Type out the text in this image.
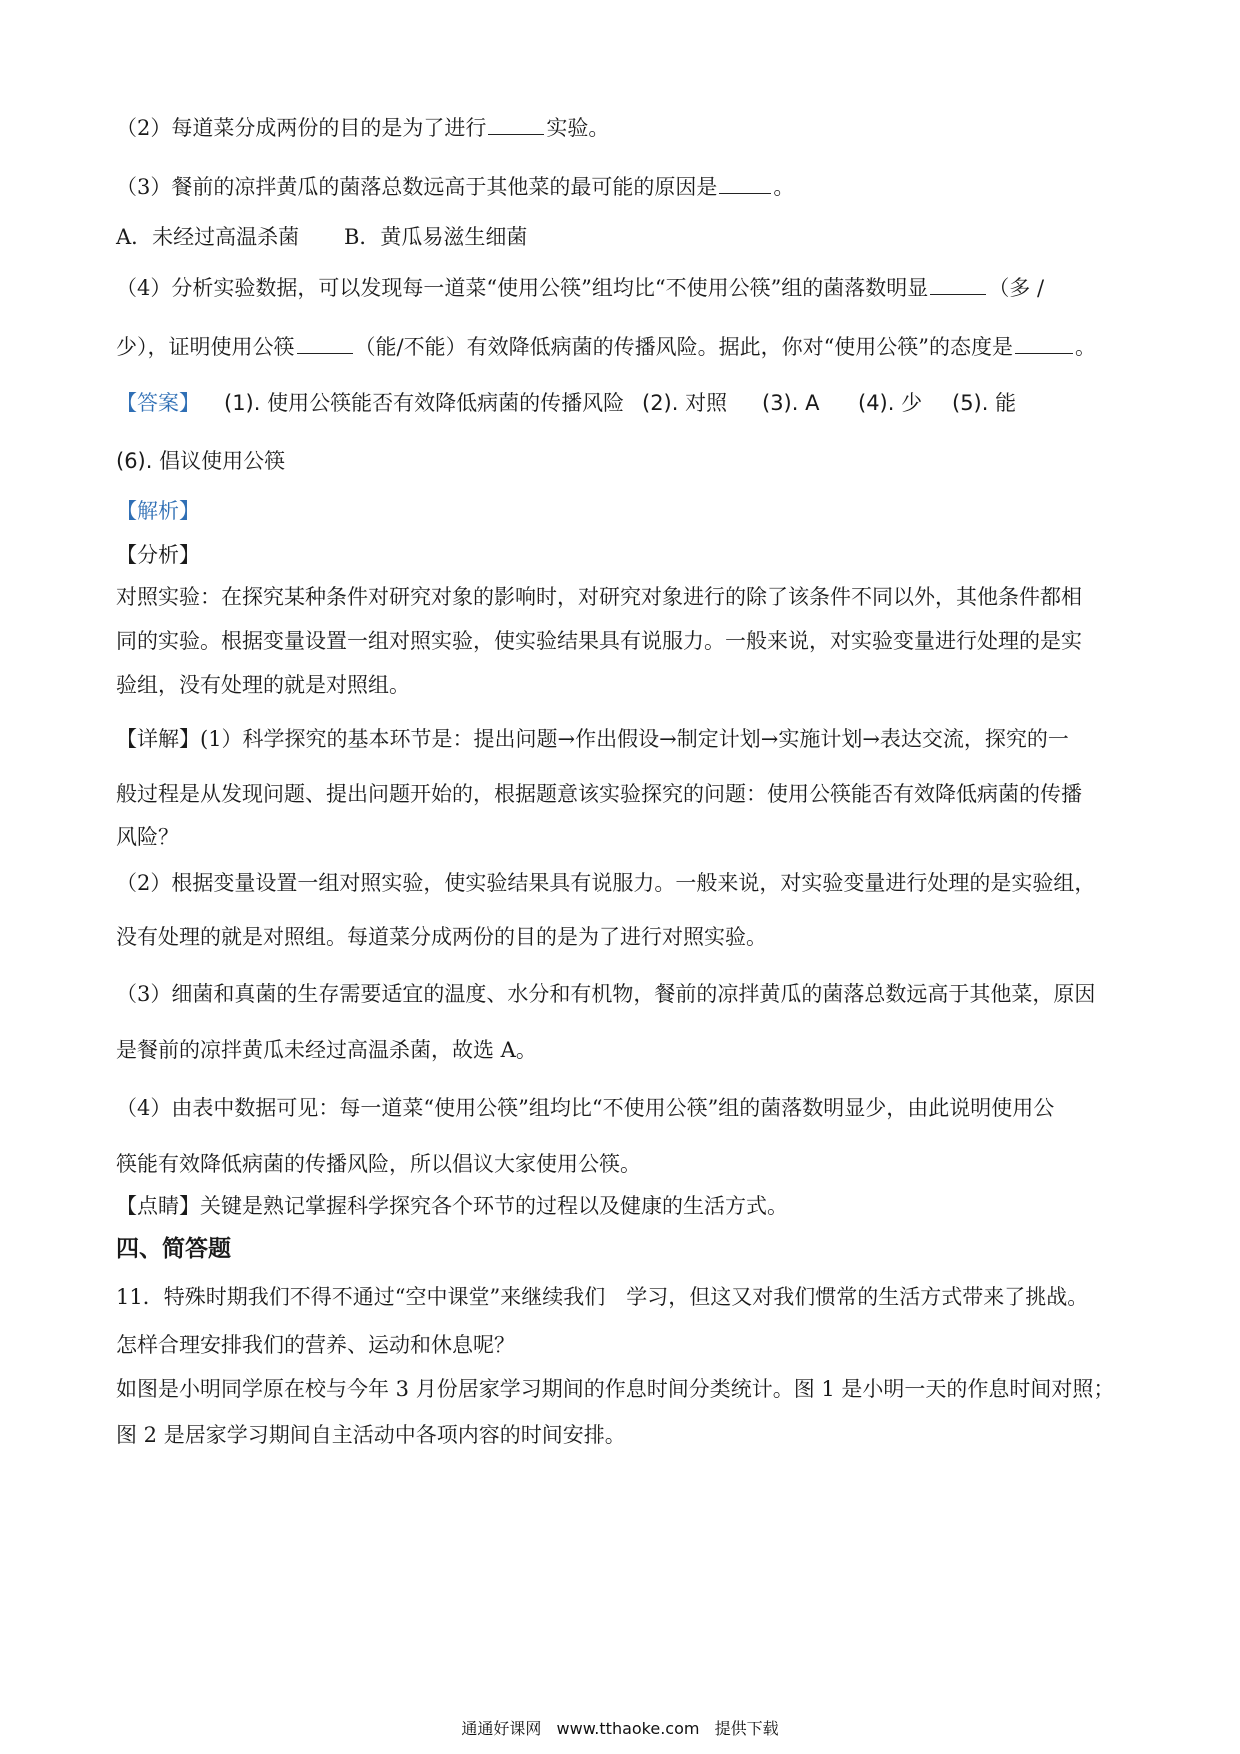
（2）每道菜分成两份的目的是为了进行	实验。
（3）餐前的凉拌黄瓜的菌落总数远高于其他菜的最可能的原因是	。
A．未经过高温杀菌 B．黄瓜易滋生细菌
（4）分析实验数据，可以发现每一道菜“使用公筷”组均比“不使用公筷”组的菌落数明显	（多 /
少），证明使用公筷	（能/不能）有效降低病菌的传播风险。据此，你对“使用公筷”的态度是	。
【答案】 (1). 使用公筷能否有效降低病菌的传播风险 (2). 对照 (3). A (4). 少 (5). 能
(6). 倡议使用公筷
【解析】
【分析】
对照实验：在探究某种条件对研究对象的影响时，对研究对象进行的除了该条件不同以外，其他条件都相
同的实验。根据变量设置一组对照实验，使实验结果具有说服力。一般来说，对实验变量进行处理的是实
验组，没有处理的就是对照组。
【详解】(1）科学探究的基本环节是：提出问题→作出假设→制定计划→实施计划→表达交流，探究的一
般过程是从发现问题、提出问题开始的，根据题意该实验探究的问题：使用公筷能否有效降低病菌的传播
风险？
（2）根据变量设置一组对照实验，使实验结果具有说服力。一般来说，对实验变量进行处理的是实验组，
没有处理的就是对照组。每道菜分成两份的目的是为了进行对照实验。
（3）细菌和真菌的生存需要适宜的温度、水分和有机物，餐前的凉拌黄瓜的菌落总数远高于其他菜，原因
是餐前的凉拌黄瓜未经过高温杀菌，故选 A。
（4）由表中数据可见：每一道菜“使用公筷”组均比“不使用公筷”组的菌落数明显少，由此说明使用公
筷能有效降低病菌的传播风险，所以倡议大家使用公筷。
【点睛】关键是熟记掌握科学探究各个环节的过程以及健康的生活方式。
四、简答题
11．特殊时期我们不得不通过“空中课堂”来继续我们　学习，但这又对我们惯常的生活方式带来了挑战。
怎样合理安排我们的营养、运动和休息呢？
如图是小明同学原在校与今年 3 月份居家学习期间的作息时间分类统计。图 1 是小明一天的作息时间对照；
图 2 是居家学习期间自主活动中各项内容的时间安排。
通通好课网 www.tthaoke.com 提供下载
